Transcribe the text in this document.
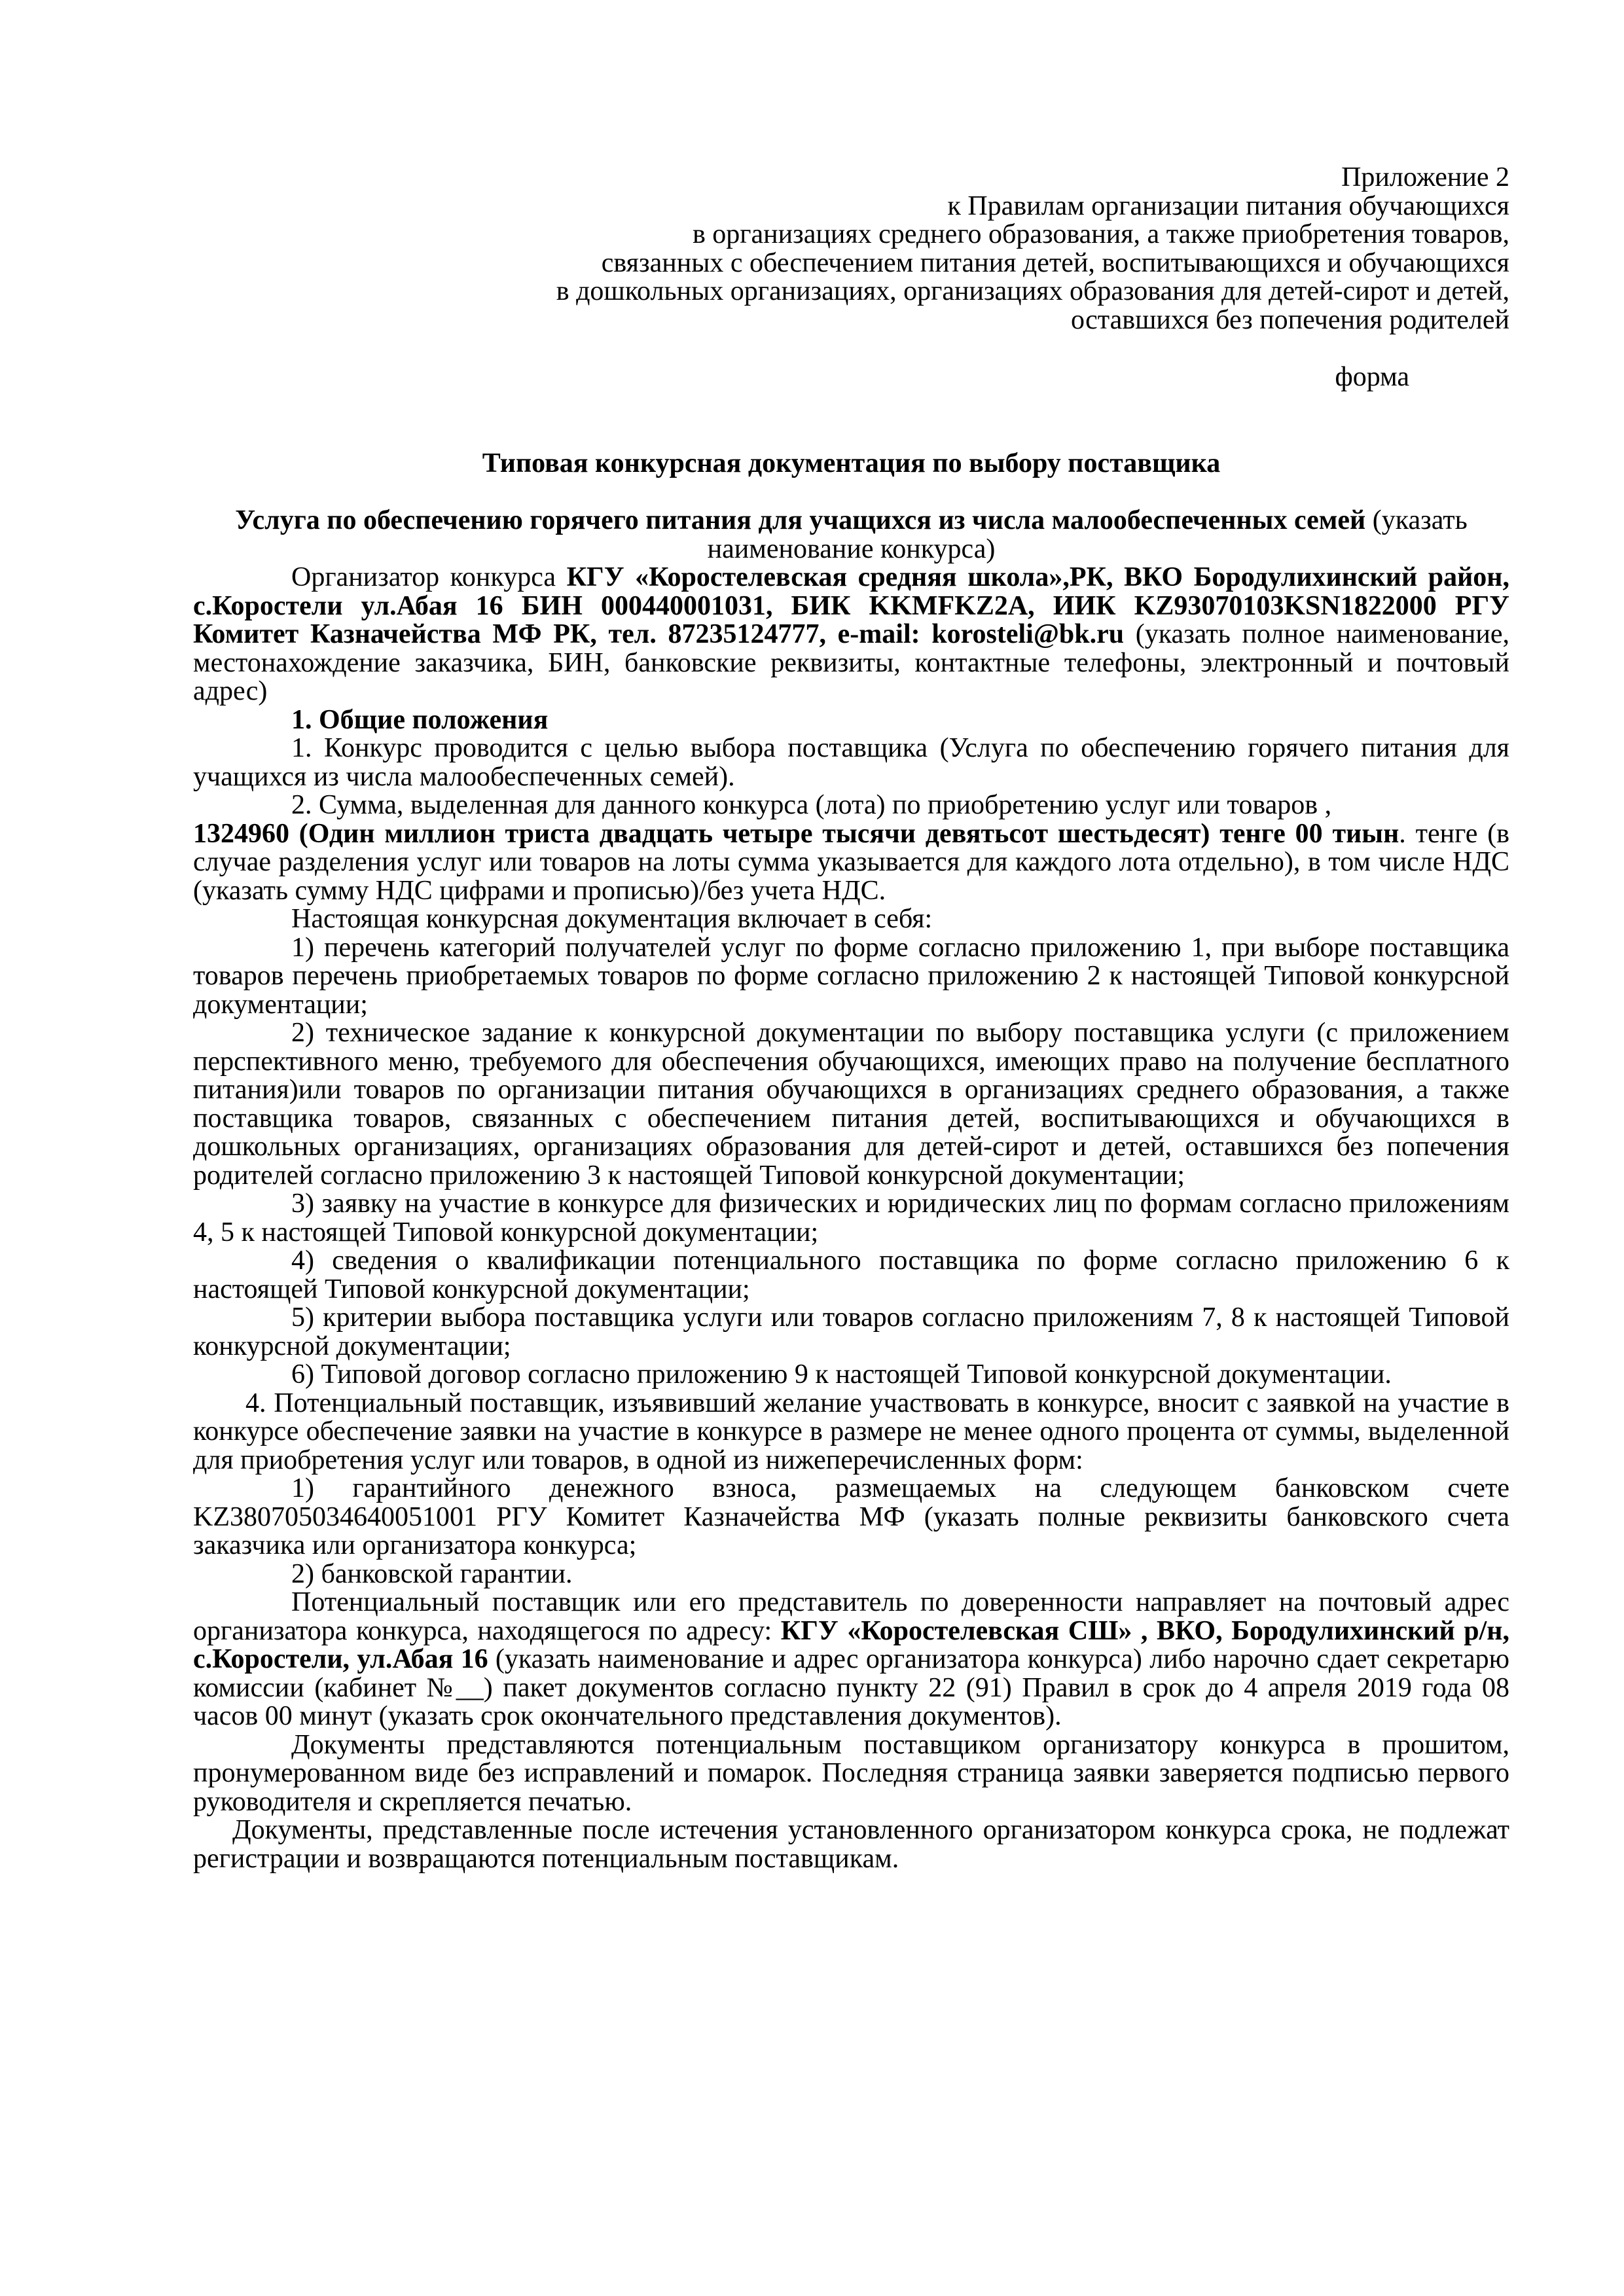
Приложение 2
к Правилам организации питания обучающихся
в организациях среднего образования, а также приобретения товаров,
связанных с обеспечением питания детей, воспитывающихся и обучающихся
в дошкольных организациях, организациях образования для детей-сирот и детей,
оставшихся без попечения родителей

форма

Типовая конкурсная документация по выбору поставщика

Услуга по обеспечению горячего питания для учащихся из числа малообеспеченных семей (указать наименование конкурса)

Организатор конкурса КГУ «Коростелевская средняя школа»,РК, ВКО Бородулихинский район, с.Коростели ул.Абая 16 БИН 000440001031, БИК KKMFKZ2A, ИИК KZ93070103KSN1822000 РГУ Комитет Казначейства МФ РК, тел. 87235124777, e-mail: korosteli@bk.ru (указать полное наименование, местонахождение заказчика, БИН, банковские реквизиты, контактные телефоны, электронный и почтовый адрес)

1. Общие положения

1. Конкурс проводится с целью выбора поставщика (Услуга по обеспечению горячего питания для учащихся из числа малообеспеченных семей).

2. Сумма, выделенная для данного конкурса (лота) по приобретению услуг или товаров ,
1324960 (Один миллион триста двадцать четыре тысячи девятьсот шестьдесят) тенге 00 тиын. тенге (в случае разделения услуг или товаров на лоты сумма указывается для каждого лота отдельно), в том числе НДС (указать сумму НДС цифрами и прописью)/без учета НДС.

Настоящая конкурсная документация включает в себя:

1) перечень категорий получателей услуг по форме согласно приложению 1, при выборе поставщика товаров перечень приобретаемых товаров по форме согласно приложению 2 к настоящей Типовой конкурсной документации;

2) техническое задание к конкурсной документации по выбору поставщика услуги (с приложением перспективного меню, требуемого для обеспечения обучающихся, имеющих право на получение бесплатного питания)или товаров по организации питания обучающихся в организациях среднего образования, а также поставщика товаров, связанных с обеспечением питания детей, воспитывающихся и обучающихся в дошкольных организациях, организациях образования для детей-сирот и детей, оставшихся без попечения родителей согласно приложению 3 к настоящей Типовой конкурсной документации;

3) заявку на участие в конкурсе для физических и юридических лиц по формам согласно приложениям 4, 5 к настоящей Типовой конкурсной документации;

4) сведения о квалификации потенциального поставщика по форме согласно приложению 6 к настоящей Типовой конкурсной документации;

5) критерии выбора поставщика услуги или товаров согласно приложениям 7, 8 к настоящей Типовой конкурсной документации;

6) Типовой договор согласно приложению 9 к настоящей Типовой конкурсной документации.

4. Потенциальный поставщик, изъявивший желание участвовать в конкурсе, вносит с заявкой на участие в конкурсе обеспечение заявки на участие в конкурсе в размере не менее одного процента от суммы, выделенной для приобретения услуг или товаров, в одной из нижеперечисленных форм:

1) гарантийного денежного взноса, размещаемых на следующем банковском счете KZ380705034640051001 РГУ Комитет Казначейства МФ (указать полные реквизиты банковского счета заказчика или организатора конкурса;

2) банковской гарантии.

Потенциальный поставщик или его представитель по доверенности направляет на почтовый адрес организатора конкурса, находящегося по адресу: КГУ «Коростелевская СШ» , ВКО, Бородулихинский р/н, с.Коростели, ул.Абая 16 (указать наименование и адрес организатора конкурса) либо нарочно сдает секретарю комиссии (кабинет №__) пакет документов согласно пункту 22 (91) Правил в срок до 4 апреля 2019 года 08 часов 00 минут (указать срок окончательного представления документов).

Документы представляются потенциальным поставщиком организатору конкурса в прошитом, пронумерованном виде без исправлений и помарок. Последняя страница заявки заверяется подписью первого руководителя и скрепляется печатью.

Документы, представленные после истечения установленного организатором конкурса срока, не подлежат регистрации и возвращаются потенциальным поставщикам.
